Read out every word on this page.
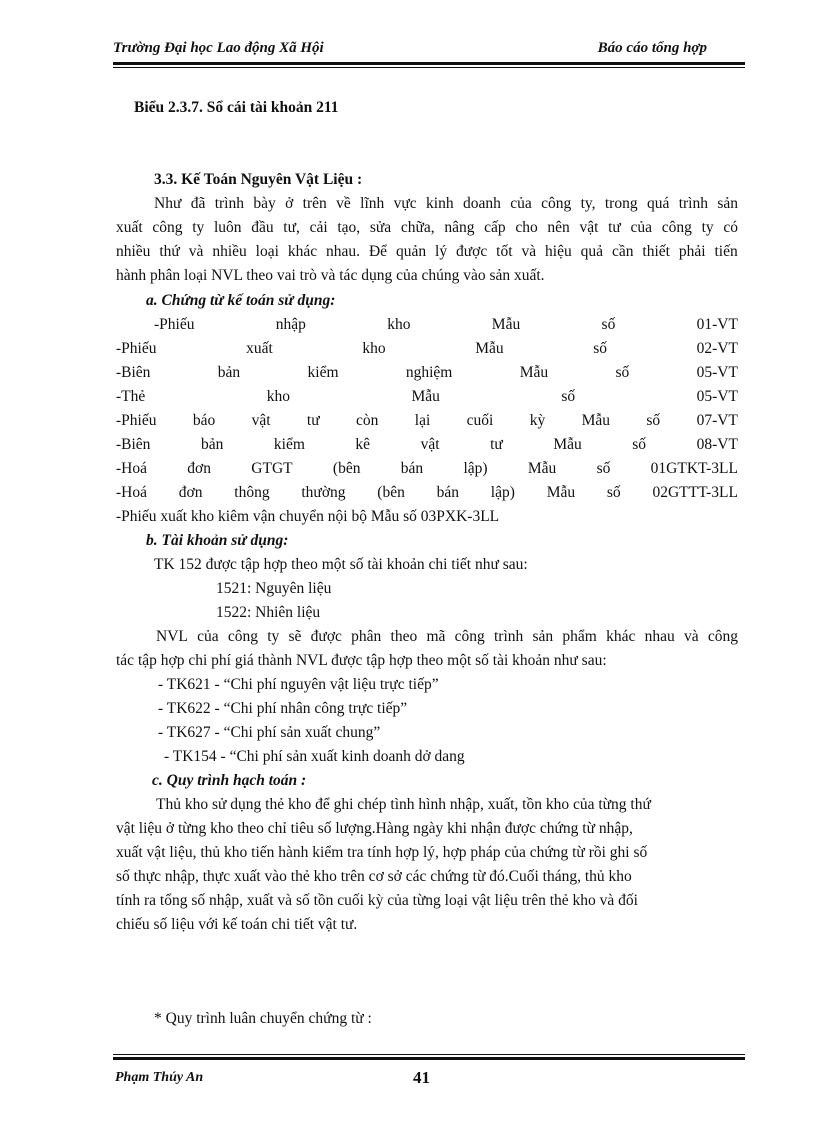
Trường Đại học Lao động Xã Hội	Báo cáo tổng hợp
Biểu 2.3.7. Sổ cái tài khoản 211
3.3. Kế Toán Nguyên Vật Liệu :
Như đã trình bày ở trên về lĩnh vực kinh doanh của công ty, trong quá trình sản
xuất công ty luôn đầu tư, cải tạo, sửa chữa, nâng cấp cho nên vật tư của công ty có
nhiều thứ và nhiều loại khác nhau. Để quản lý được tốt và hiệu quả cần thiết phải tiến
hành phân loại NVL theo vai trò và tác dụng của chúng vào sản xuất.
a. Chứng từ kế toán sử dụng:
-Phiếu	nhập	kho	Mẫu	số	01-VT
-Phiếu	xuất	kho	Mẫu	số	02-VT
-Biên	bản	kiểm	nghiệm	Mẫu	số	05-VT
-Thẻ	kho	Mẫu	số	05-VT
-Phiếu báo vật tư còn lại cuối kỳ Mẫu số 07-VT
-Biên	bản	kiểm	kê	vật	tư	Mẫu	số	08-VT
-Hoá	đơn	GTGT	(bên	bán	lập)	Mẫu	số	01GTKT-3LL
-Hoá đơn thông thường (bên bán lập) Mẫu số 02GTTT-3LL
-Phiếu xuất kho kiêm vận chuyển nội bộ Mẫu số 03PXK-3LL
b. Tài khoản sử dụng:
TK 152 được tập hợp theo một số tài khoản chi tiết như sau:
1521: Nguyên liệu
1522: Nhiên liệu
NVL của công ty sẽ được phân theo mã công trình sản phẩm khác nhau và công
tác tập hợp chi phí giá thành NVL được tập hợp theo một số tài khoản như sau:
- TK621 - “Chi phí nguyên vật liệu trực tiếp”
- TK622 - “Chi phí nhân công trực tiếp”
- TK627 - “Chi phí sản xuất chung”
- TK154 - “Chi phí sản xuất kinh doanh dở dang
c. Quy trình hạch toán :
Thủ kho sử dụng thẻ kho để ghi chép tình hình nhập, xuất, tồn kho của từng thứ
vật liệu ở từng kho theo chỉ tiêu số lượng.Hàng ngày khi nhận được chứng từ nhập,
xuất vật liệu, thủ kho tiến hành kiểm tra tính hợp lý, hợp pháp của chứng từ rồi ghi số
số thực nhập, thực xuất vào thẻ kho trên cơ sở các chứng từ đó.Cuối tháng, thủ kho
tính ra tổng số nhập, xuất và số tồn cuối kỳ của từng loại vật liệu trên thẻ kho và đối
chiếu số liệu với kế toán chi tiết vật tư.
* Quy trình luân chuyển chứng từ :
Phạm Thúy An	41
